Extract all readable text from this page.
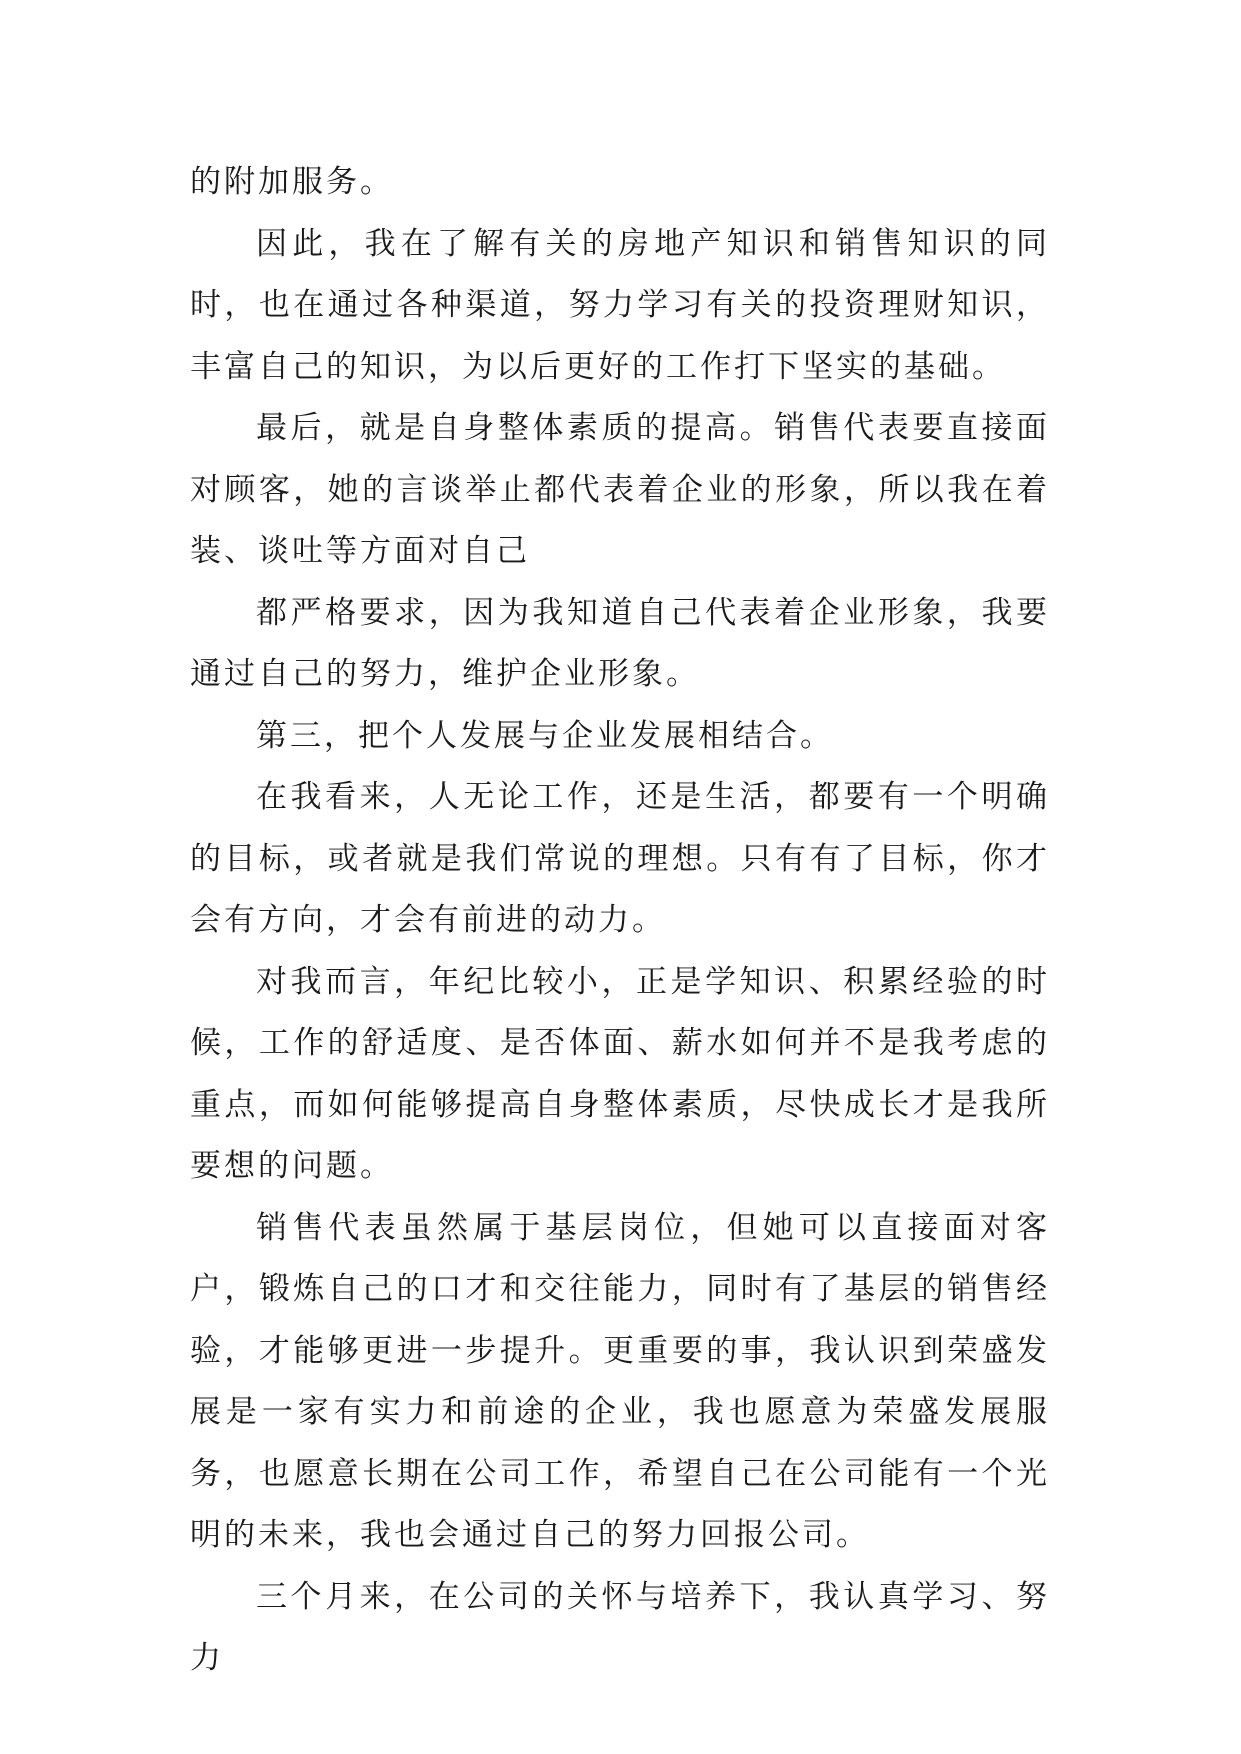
的附加服务。

因此，我在了解有关的房地产知识和销售知识的同时，也在通过各种渠道，努力学习有关的投资理财知识，丰富自己的知识，为以后更好的工作打下坚实的基础。

最后，就是自身整体素质的提高。销售代表要直接面对顾客，她的言谈举止都代表着企业的形象，所以我在着装、谈吐等方面对自己

都严格要求，因为我知道自己代表着企业形象，我要通过自己的努力，维护企业形象。

第三，把个人发展与企业发展相结合。

在我看来，人无论工作，还是生活，都要有一个明确的目标，或者就是我们常说的理想。只有有了目标，你才会有方向，才会有前进的动力。

对我而言，年纪比较小，正是学知识、积累经验的时候，工作的舒适度、是否体面、薪水如何并不是我考虑的重点，而如何能够提高自身整体素质，尽快成长才是我所要想的问题。

销售代表虽然属于基层岗位，但她可以直接面对客户，锻炼自己的口才和交往能力，同时有了基层的销售经验，才能够更进一步提升。更重要的事，我认识到荣盛发展是一家有实力和前途的企业，我也愿意为荣盛发展服务，也愿意长期在公司工作，希望自己在公司能有一个光明的未来，我也会通过自己的努力回报公司。

三个月来，在公司的关怀与培养下，我认真学习、努力
